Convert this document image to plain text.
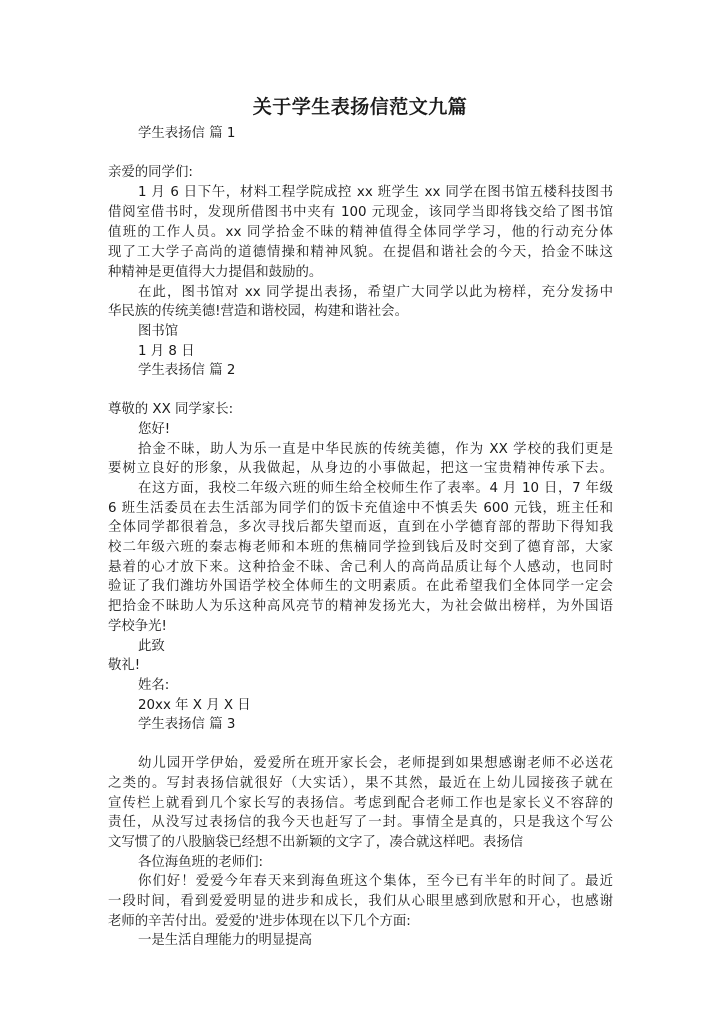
关于学生表扬信范文九篇

学生表扬信 篇 1

亲爱的同学们:

1 月 6 日下午，材料工程学院成控 xx 班学生 xx 同学在图书馆五楼科技图书

借阅室借书时，发现所借图书中夹有 100 元现金，该同学当即将钱交给了图书馆

值班的工作人员。xx 同学拾金不昧的精神值得全体同学学习，他的行动充分体

现了工大学子高尚的道德情操和精神风貌。在提倡和谐社会的今天，拾金不昧这

种精神是更值得大力提倡和鼓励的。

在此，图书馆对 xx 同学提出表扬，希望广大同学以此为榜样，充分发扬中

华民族的传统美德!营造和谐校园，构建和谐社会。

图书馆

1 月 8 日

学生表扬信 篇 2

尊敬的 XX 同学家长:

您好!

拾金不昧，助人为乐一直是中华民族的传统美德，作为 XX 学校的我们更是

要树立良好的形象，从我做起，从身边的小事做起，把这一宝贵精神传承下去。

在这方面，我校二年级六班的师生给全校师生作了表率。4 月 10 日，7 年级

6 班生活委员在去生活部为同学们的饭卡充值途中不慎丢失 600 元钱，班主任和

全体同学都很着急，多次寻找后都失望而返，直到在小学德育部的帮助下得知我

校二年级六班的秦志梅老师和本班的焦楠同学捡到钱后及时交到了德育部，大家

悬着的心才放下来。这种拾金不昧、舍己利人的高尚品质让每个人感动，也同时

验证了我们潍坊外国语学校全体师生的文明素质。在此希望我们全体同学一定会

把拾金不昧助人为乐这种高风亮节的精神发扬光大，为社会做出榜样，为外国语

学校争光!

此致

敬礼!

姓名:

20xx 年 X 月 X 日

学生表扬信 篇 3

幼儿园开学伊始，爱爱所在班开家长会，老师提到如果想感谢老师不必送花

之类的。写封表扬信就很好（大实话），果不其然，最近在上幼儿园接孩子就在

宣传栏上就看到几个家长写的表扬信。考虑到配合老师工作也是家长义不容辞的

责任，从没写过表扬信的我今天也赶写了一封。事情全是真的，只是我这个写公

文写惯了的八股脑袋已经想不出新颖的文字了，凑合就这样吧。表扬信

各位海鱼班的老师们:

你们好！爱爱今年春天来到海鱼班这个集体，至今已有半年的时间了。最近

一段时间，看到爱爱明显的进步和成长，我们从心眼里感到欣慰和开心，也感谢

老师的辛苦付出。爱爱的'进步体现在以下几个方面:

一是生活自理能力的明显提高
